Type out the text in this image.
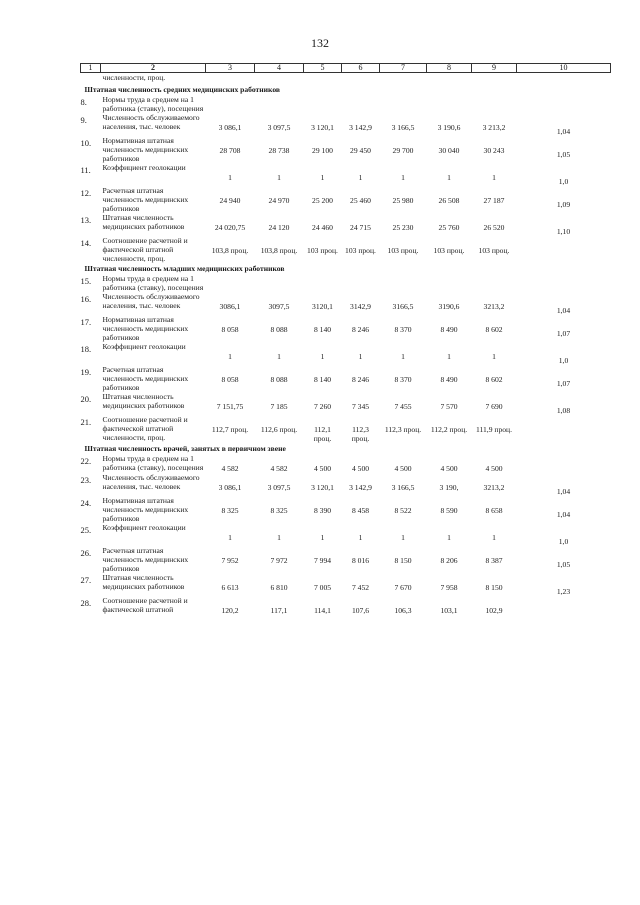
132
1	2	3	4	5	6	7	8	9	10
	численности, проц.								
Штатная численность средних медицинских работников									
8.	Нормы труда в среднем на 1 работника (ставку), посещения								
9.	Численность обслуживаемого населения, тыс. человек	3 086,1	3 097,5	3 120,1	3 142,9	3 166,5	3 190,6	3 213,2	1,04
10.	Нормативная штатная численность медицинских работников	28 708	28 738	29 100	29 450	29 700	30 040	30 243	1,05
11.	Коэффициент геолокации	1	1	1	1	1	1	1	1,0
12.	Расчетная штатная численность медицинских работников	24 940	24 970	25 200	25 460	25 980	26 508	27 187	1,09
13.	Штатная численность медицинских работников	24 020,75	24 120	24 460	24 715	25 230	25 760	26 520	1,10
14.	Соотношение расчетной и фактической штатной численности, проц.	103,8 проц.	103,8 проц.	103 проц.	103 проц.	103 проц.	103 проц.	103 проц.	
Штатная численность младших медицинских работников									
15.	Нормы труда в среднем на 1 работника (ставку), посещения								
16.	Численность обслуживаемого населения, тыс. человек	3086,1	3097,5	3120,1	3142,9	3166,5	3190,6	3213,2	1,04
17.	Нормативная штатная численность медицинских работников	8 058	8 088	8 140	8 246	8 370	8 490	8 602	1,07
18.	Коэффициент геолокации	1	1	1	1	1	1	1	1,0
19.	Расчетная штатная численность медицинских работников	8 058	8 088	8 140	8 246	8 370	8 490	8 602	1,07
20.	Штатная численность медицинских работников	7 151,75	7 185	7 260	7 345	7 455	7 570	7 690	1,08
21.	Соотношение расчетной и фактической штатной численности, проц.	112,7 проц.	112,6 проц.	112,1 проц.	112,3 проц.	112,3 проц.	112,2 проц.	111,9 проц.	
Штатная численность врачей, занятых в первичном звене									
22.	Нормы труда в среднем на 1 работника (ставку), посещения	4 582	4 582	4 500	4 500	4 500	4 500	4 500	
23.	Численность обслуживаемого населения, тыс. человек	3 086,1	3 097,5	3 120,1	3 142,9	3 166,5	3 190,	3213,2	1,04
24.	Нормативная штатная численность медицинских работников	8 325	8 325	8 390	8 458	8 522	8 590	8 658	1,04
25.	Коэффициент геолокации	1	1	1	1	1	1	1	1,0
26.	Расчетная штатная численность медицинских работников	7 952	7 972	7 994	8 016	8 150	8 206	8 387	1,05
27.	Штатная численность медицинских работников	6 613	6 810	7 005	7 452	7 670	7 958	8 150	1,23
28.	Соотношение расчетной и фактической штатной	120,2	117,1	114,1	107,6	106,3	103,1	102,9	
